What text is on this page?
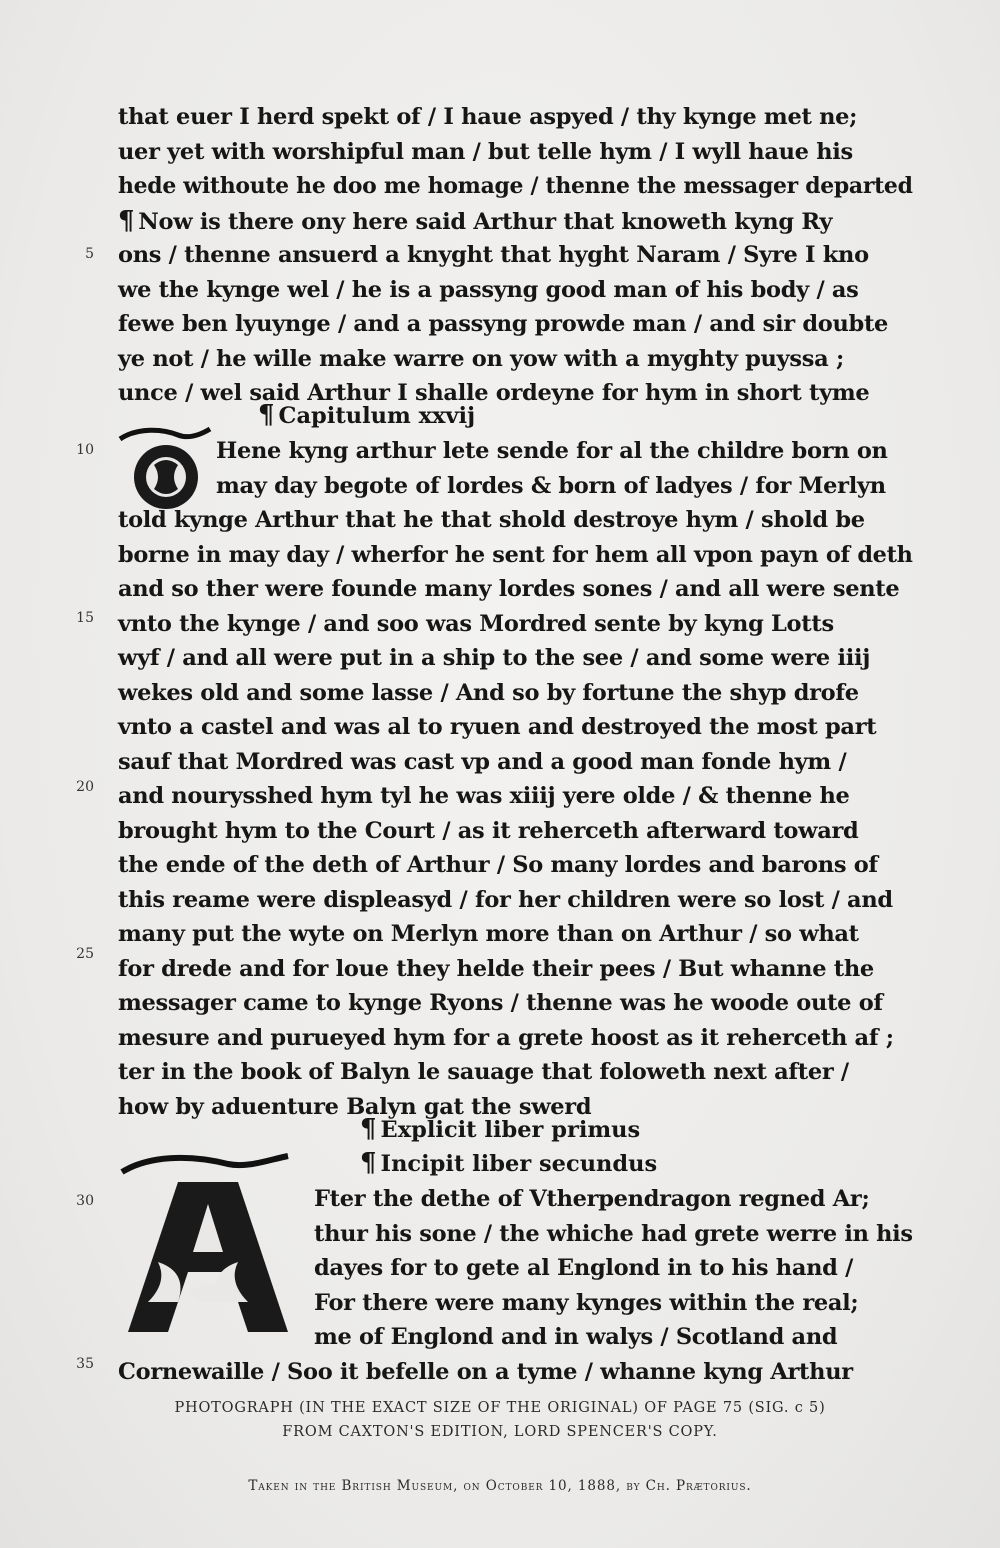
that euer I herd spekt of / I haue aspyed / thy kynge met ne;
uer yet with worshipful man / but telle hym / I wyll haue his
hede withoute he doo me homage / thenne the messager departed
¶ Now is there ony here said Arthur that knoweth kyng Ry
ons / thenne ansuerd a knyght that hyght Naram / Syre I kno
we the kynge wel / he is a passyng good man of his body / as
fewe ben lyuynge / and a passyng prowde man / and sir doubte
ye not / he wille make warre on yow with a myghty puyssa ;
unce / wel said Arthur I shalle ordeyne for hym in short tyme
¶ Capitulum xxvij
Hene kyng arthur lete sende for al the childre born on
may day begote of lordes & born of ladyes / for Merlyn
told kynge Arthur that he that shold destroye hym / shold be
borne in may day / wherfor he sent for hem all vpon payn of deth
and so ther were founde many lordes sones / and all were sente
vnto the kynge / and soo was Mordred sente by kyng Lotts
wyf / and all were put in a ship to the see / and some were iiij
wekes old and some lasse / And so by fortune the shyp drofe
vnto a castel and was al to ryuen and destroyed the most part
sauf that Mordred was cast vp and a good man fonde hym /
and nourysshed hym tyl he was xiiij yere olde / & thenne he
brought hym to the Court / as it reherceth afterward toward
the ende of the deth of Arthur / So many lordes and barons of
this reame were displeasyd / for her children were so lost / and
many put the wyte on Merlyn more than on Arthur / so what
for drede and for loue they helde their pees / But whanne the
messager came to kynge Ryons / thenne was he woode oute of
mesure and purueyed hym for a grete hoost as it reherceth af ;
ter in the book of Balyn le sauage that foloweth next after /
how by aduenture Balyn gat the swerd
¶ Explicit liber primus
¶ Incipit liber secundus
Fter the dethe of Vtherpendragon regned Ar;
thur his sone / the whiche had grete werre in his
dayes for to gete al Englond in to his hand /
For there were many kynges within the real;
me of Englond and in walys / Scotland and
Cornewaille / Soo it befelle on a tyme / whanne kyng Arthur
5
10
15
20
25
30
35
PHOTOGRAPH (IN THE EXACT SIZE OF THE ORIGINAL) OF PAGE 75 (SIG. c 5)
FROM CAXTON'S EDITION, LORD SPENCER'S COPY.
Taken in the British Museum, on October 10, 1888, by Ch. Prætorius.
